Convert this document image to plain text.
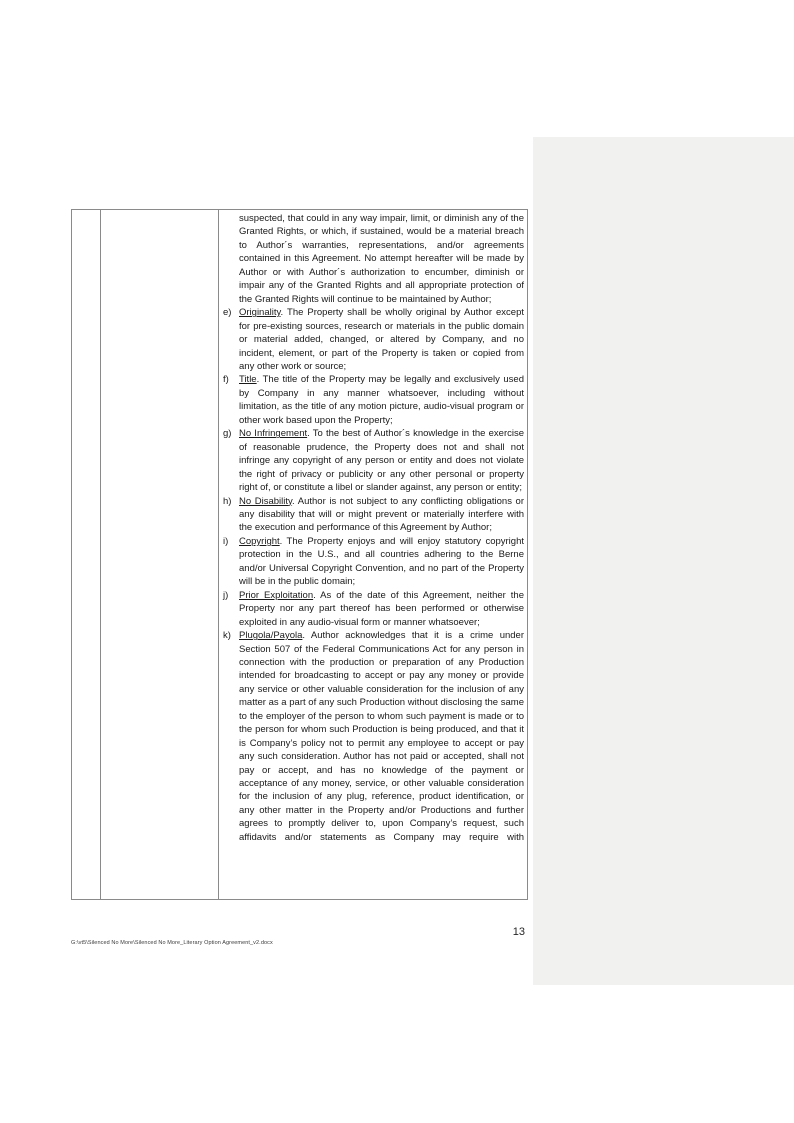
suspected, that could in any way impair, limit, or diminish any of the Granted Rights, or which, if sustained, would be a material breach to Author´s warranties, representations, and/or agreements contained in this Agreement. No attempt hereafter will be made by Author or with Author´s authorization to encumber, diminish or impair any of the Granted Rights and all appropriate protection of the Granted Rights will continue to be maintained by Author;
e) Originality. The Property shall be wholly original by Author except for pre-existing sources, research or materials in the public domain or material added, changed, or altered by Company, and no incident, element, or part of the Property is taken or copied from any other work or source;
f) Title. The title of the Property may be legally and exclusively used by Company in any manner whatsoever, including without limitation, as the title of any motion picture, audio-visual program or other work based upon the Property;
g) No Infringement. To the best of Author´s knowledge in the exercise of reasonable prudence, the Property does not and shall not infringe any copyright of any person or entity and does not violate the right of privacy or publicity or any other personal or property right of, or constitute a libel or slander against, any person or entity;
h) No Disability. Author is not subject to any conflicting obligations or any disability that will or might prevent or materially interfere with the execution and performance of this Agreement by Author;
i) Copyright. The Property enjoys and will enjoy statutory copyright protection in the U.S., and all countries adhering to the Berne and/or Universal Copyright Convention, and no part of the Property will be in the public domain;
j) Prior Exploitation. As of the date of this Agreement, neither the Property nor any part thereof has been performed or otherwise exploited in any audio-visual form or manner whatsoever;
k) Plugola/Payola. Author acknowledges that it is a crime under Section 507 of the Federal Communications Act for any person in connection with the production or preparation of any Production intended for broadcasting to accept or pay any money or provide any service or other valuable consideration for the inclusion of any matter as a part of any such Production without disclosing the same to the employer of the person to whom such payment is made or to the person for whom such Production is being produced, and that it is Company’s policy not to permit any employee to accept or pay any such consideration. Author has not paid or accepted, shall not pay or accept, and has no knowledge of the payment or acceptance of any money, service, or other valuable consideration for the inclusion of any plug, reference, product identification, or any other matter in the Property and/or Productions and further agrees to promptly deliver to, upon Company’s request, such affidavits and/or statements as Company may require with
13
G:\vt5\Silenced No More\Silenced No More_Literary Option Agreement_v2.docx
